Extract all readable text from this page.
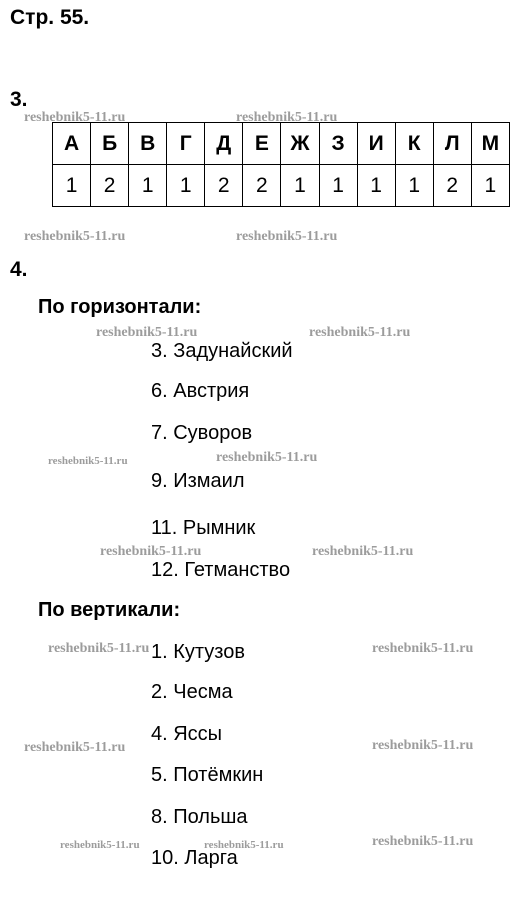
Стр. 55.
3.
А	Б	В	Г	Д	Е	Ж	З	И	К	Л	М
1	2	1	1	2	2	1	1	1	1	2	1
4.
По горизонтали:
3. Задунайский
6. Австрия
7. Суворов
9. Измаил
11. Рымник
12. Гетманство
По вертикали:
1. Кутузов
2. Чесма
4. Яссы
5. Потёмкин
8. Польша
10. Ларга
reshebnik5-11.ru	reshebnik5-11.ru
reshebnik5-11.ru	reshebnik5-11.ru
reshebnik5-11.ru	reshebnik5-11.ru
reshebnik5-11.ru	reshebnik5-11.ru
reshebnik5-11.ru	reshebnik5-11.ru
reshebnik5-11.ru	reshebnik5-11.ru
reshebnik5-11.ru	reshebnik5-11.ru
reshebnik5-11.ru	reshebnik5-11.ru	reshebnik5-11.ru
